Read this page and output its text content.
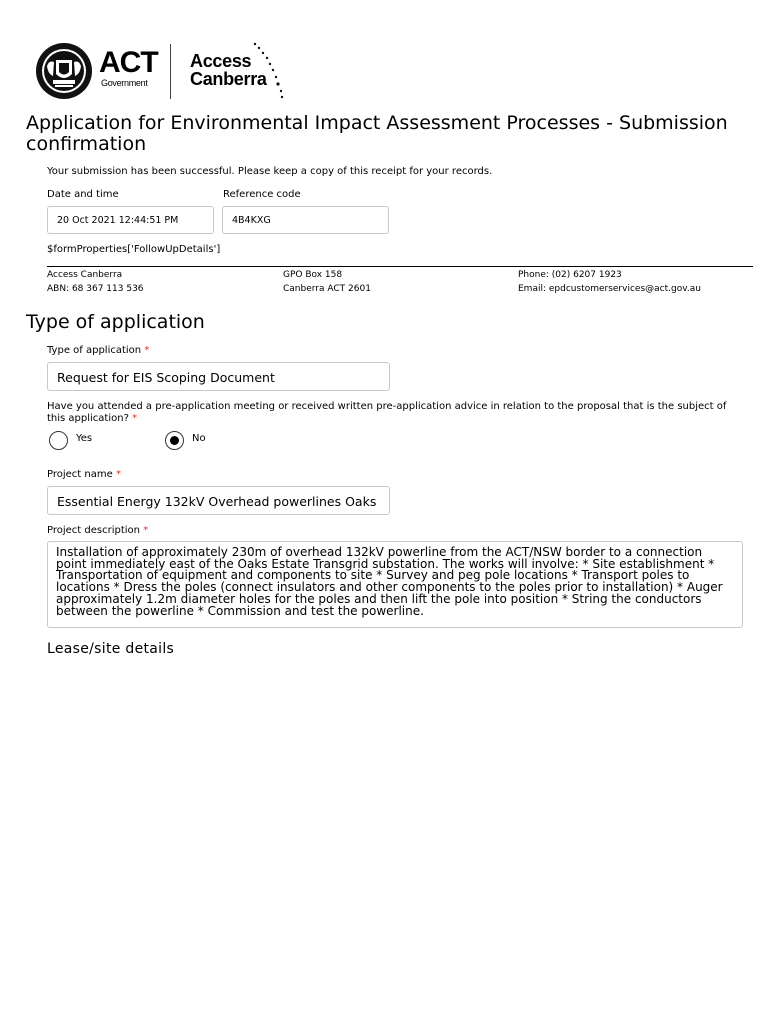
ACT
Government
Access
Canberra
Application for Environmental Impact Assessment Processes - Submission confirmation
Your submission has been successful. Please keep a copy of this receipt for your records.
Date and time	Reference code
20 Oct 2021 12:44:51 PM	4B4KXG
$formProperties['FollowUpDetails']
Access Canberra
ABN: 68 367 113 536
GPO Box 158
Canberra ACT 2601
Phone: (02) 6207 1923
Email: epdcustomerservices@act.gov.au
Type of application
Type of application *
Request for EIS Scoping Document
Have you attended a pre-application meeting or received written pre-application advice in relation to the proposal that is the subject of this application? *
Yes	No
Project name *
Essential Energy 132kV Overhead powerlines Oaks
Project description *
Installation of approximately 230m of overhead 132kV powerline from the ACT/NSW border to a connection point immediately east of the Oaks Estate Transgrid substation. The works will involve: * Site establishment * Transportation of equipment and components to site * Survey and peg pole locations * Transport poles to locations * Dress the poles (connect insulators and other components to the poles prior to installation) * Auger approximately 1.2m diameter holes for the poles and then lift the pole into position * String the conductors between the powerline * Commission and test the powerline.
Lease/site details
